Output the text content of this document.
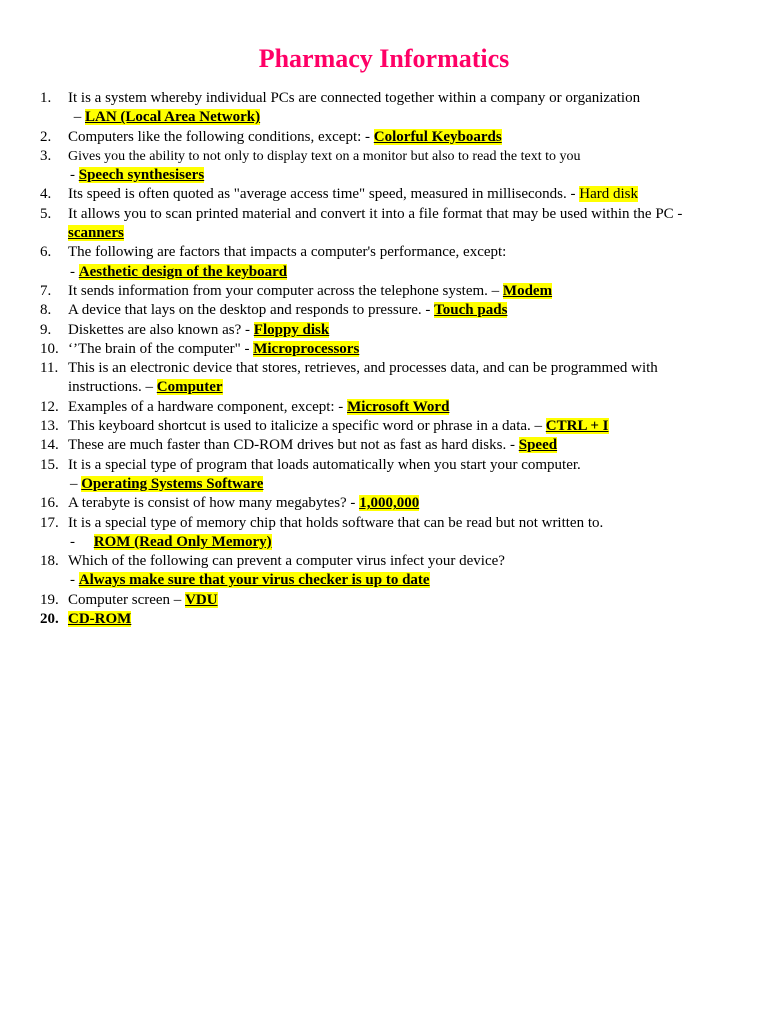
Pharmacy Informatics
1.	It is a system whereby individual PCs are connected together within a company or organization
– LAN (Local Area Network)
2.	Computers like the following conditions, except: - Colorful Keyboards
3.	Gives you the ability to not only to display text on a monitor but also to read the text to you
- Speech synthesisers
4.	Its speed is often quoted as "average access time" speed, measured in milliseconds. - Hard disk
5.	It allows you to scan printed material and convert it into a file format that may be used within the PC -
scanners
6.	The following are factors that impacts a computer's performance, except:
- Aesthetic design of the keyboard
7.	It sends information from your computer across the telephone system. – Modem
8.	A device that lays on the desktop and responds to pressure. - Touch pads
9.	Diskettes are also known as? - Floppy disk
10. ‘’The brain of the computer" - Microprocessors
11. This is an electronic device that stores, retrieves, and processes data, and can be programmed with
instructions. – Computer
12. Examples of a hardware component, except: - Microsoft Word
13. This keyboard shortcut is used to italicize a specific word or phrase in a data. – CTRL + I
14. These are much faster than CD-ROM drives but not as fast as hard disks. - Speed
15. It is a special type of program that loads automatically when you start your computer.
– Operating Systems Software
16. A terabyte is consist of how many megabytes? - 1,000,000
17. It is a special type of memory chip that holds software that can be read but not written to.
-     ROM (Read Only Memory)
18. Which of the following can prevent a computer virus infect your device?
- Always make sure that your virus checker is up to date
19. Computer screen – VDU
20. CD-ROM
